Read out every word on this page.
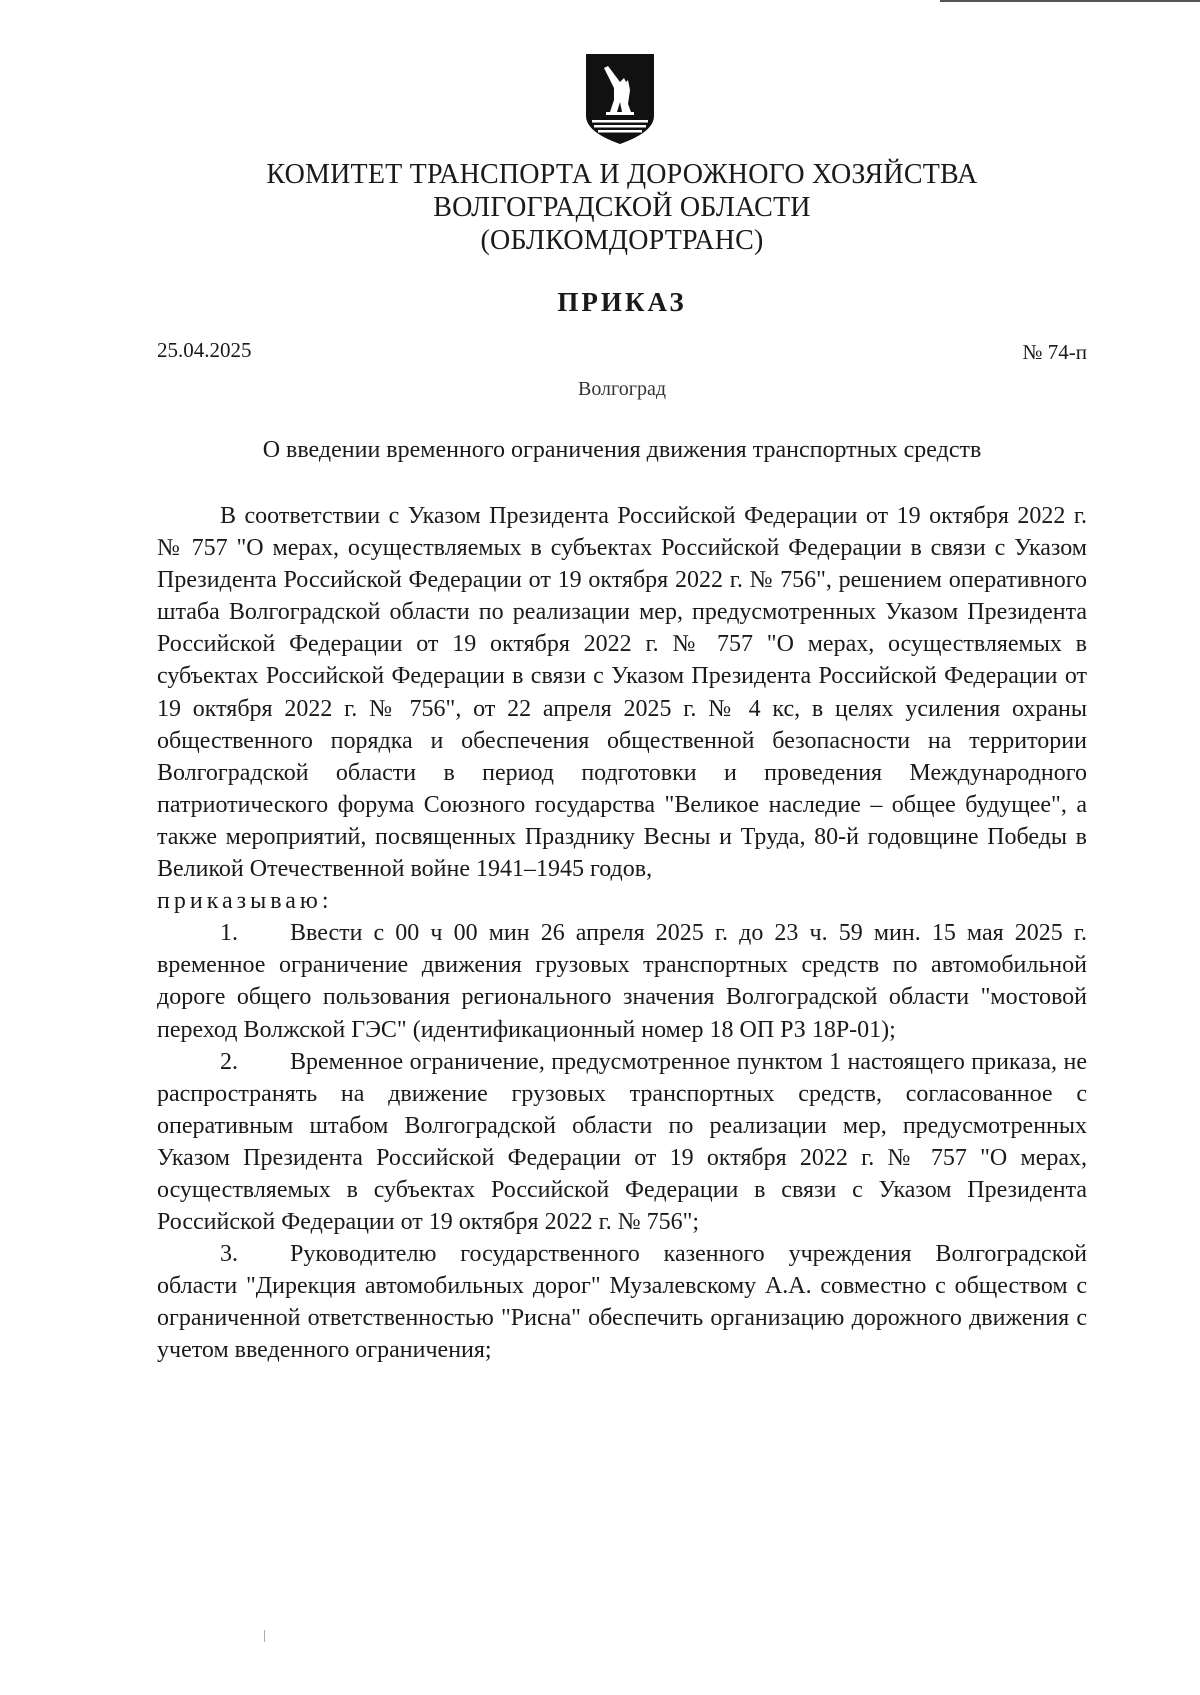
КОМИТЕТ ТРАНСПОРТА И ДОРОЖНОГО ХОЗЯЙСТВА
ВОЛГОГРАДСКОЙ ОБЛАСТИ
(ОБЛКОМДОРТРАНС)
ПРИКАЗ
25.04.2025	№ 74-п
Волгоград
О введении временного ограничения движения транспортных средств

В соответствии с Указом Президента Российской Федерации от 19 октября 2022 г. № 757 "О мерах, осуществляемых в субъектах Российской Федерации в связи с Указом Президента Российской Федерации от 19 октября 2022 г. № 756", решением оперативного штаба Волгоградской области по реализации мер, предусмотренных Указом Президента Российской Федерации от 19 октября 2022 г. № 757 "О мерах, осуществляемых в субъектах Российской Федерации в связи с Указом Президента Российской Федерации от 19 октября 2022 г. № 756", от 22 апреля 2025 г. № 4 кс, в целях усиления охраны общественного порядка и обеспечения общественной безопасности на территории Волгоградской области в период подготовки и проведения Международного патриотического форума Союзного государства "Великое наследие – общее будущее", а также мероприятий, посвященных Празднику Весны и Труда, 80-й годовщине Победы в Великой Отечественной войне 1941–1945 годов,

приказываю:

1. Ввести с 00 ч 00 мин 26 апреля 2025 г. до 23 ч. 59 мин. 15 мая 2025 г. временное ограничение движения грузовых транспортных средств по автомобильной дороге общего пользования регионального значения Волгоградской области "мостовой переход Волжской ГЭС" (идентификационный номер 18 ОП РЗ 18Р-01);

2. Временное ограничение, предусмотренное пунктом 1 настоящего приказа, не распространять на движение грузовых транспортных средств, согласованное с оперативным штабом Волгоградской области по реализации мер, предусмотренных Указом Президента Российской Федерации от 19 октября 2022 г. № 757 "О мерах, осуществляемых в субъектах Российской Федерации в связи с Указом Президента Российской Федерации от 19 октября 2022 г. № 756";

3. Руководителю государственного казенного учреждения Волгоградской области "Дирекция автомобильных дорог" Музалевскому А.А. совместно с обществом с ограниченной ответственностью "Рисна" обеспечить организацию дорожного движения с учетом введенного ограничения;
